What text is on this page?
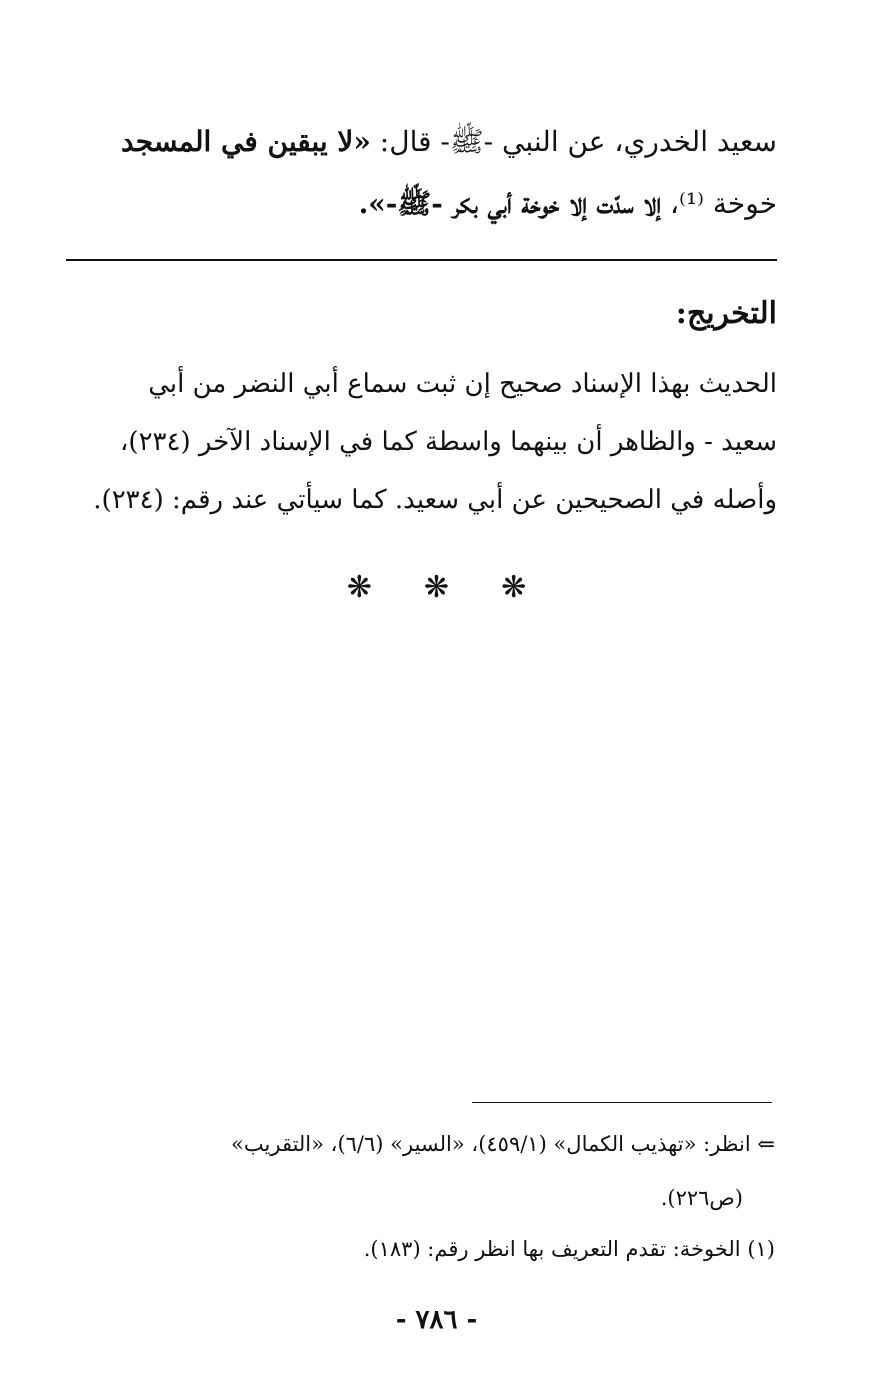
سعيد الخدري، عن النبي -ﷺ- قال: «لا يبقين في المسجد
خوخة ⁽¹⁾، إلا سدّت إلا خوخة أبي بكر -ﷺ-».
التخريج:
الحديث بهذا الإسناد صحيح إن ثبت سماع أبي النضر من أبي
سعيد - والظاهر أن بينهما واسطة كما في الإسناد الآخر (٢٣٤)،
وأصله في الصحيحين عن أبي سعيد. كما سيأتي عند رقم: (٢٣٤).
❋ ❋ ❋
⇐ انظر: «تهذيب الكمال» (٤٥٩/١)، «السير» (٦/٦)، «التقريب»
(ص٢٢٦).
(١) الخوخة: تقدم التعريف بها انظر رقم: (١٨٣).
- ٧٨٦ -
